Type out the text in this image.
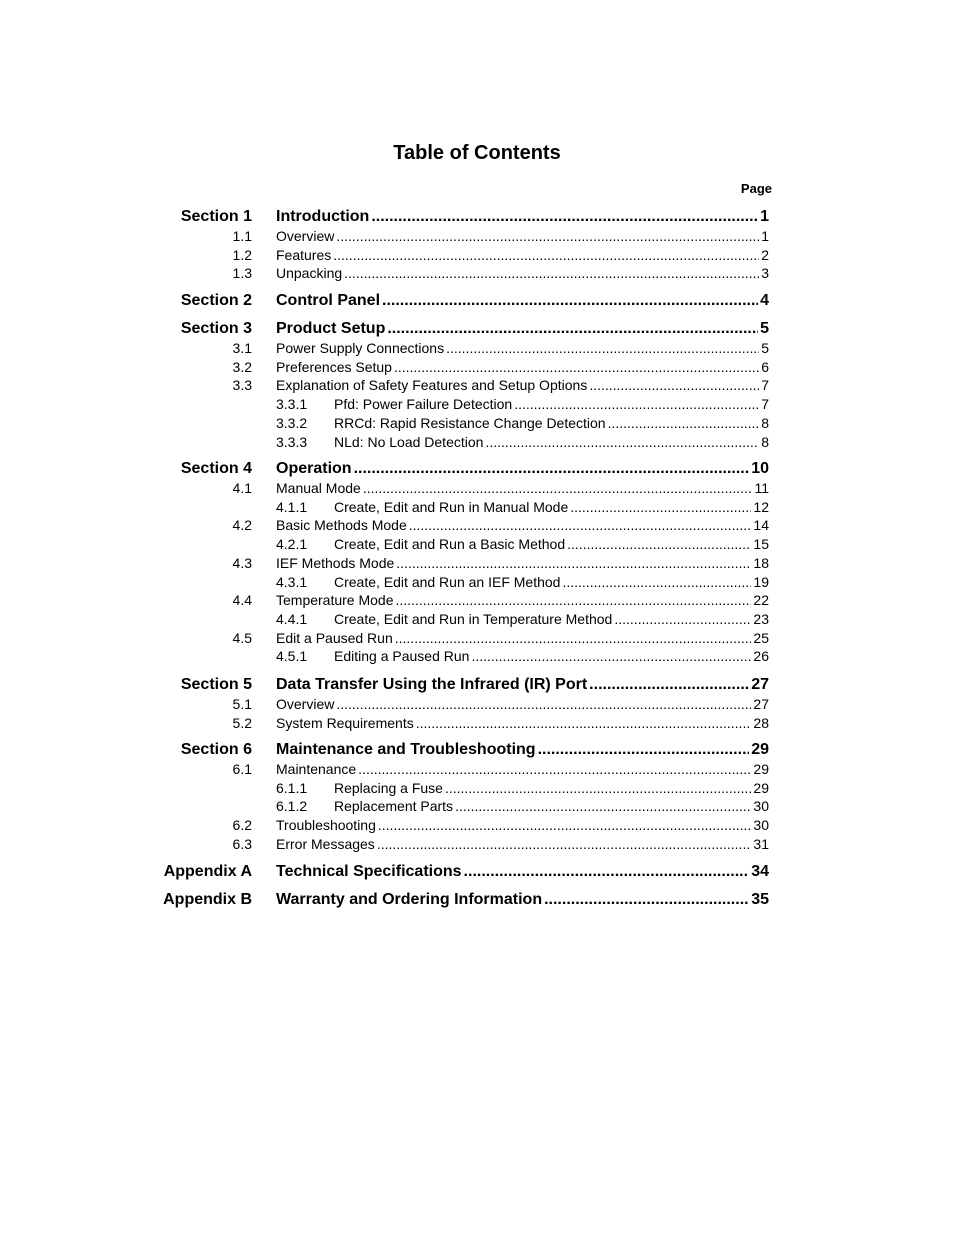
Table of Contents
Page
Section 1 Introduction .....	1
1.1 Overview .....	1
1.2 Features .....	2
1.3 Unpacking .....	3
Section 2 Control Panel .....	4
Section 3 Product Setup .....	5
3.1 Power Supply Connections .....	5
3.2 Preferences Setup .....	6
3.3 Explanation of Safety Features and Setup Options .....	7
3.3.1 Pfd: Power Failure Detection .....	7
3.3.2 RRCd: Rapid Resistance Change Detection .....	8
3.3.3 NLd: No Load Detection .....	8
Section 4 Operation .....	10
4.1 Manual Mode .....	11
4.1.1 Create, Edit and Run in Manual Mode .....	12
4.2 Basic Methods Mode .....	14
4.2.1 Create, Edit and Run a Basic Method .....	15
4.3 IEF Methods Mode .....	18
4.3.1 Create, Edit and Run an IEF Method .....	19
4.4 Temperature Mode .....	22
4.4.1 Create, Edit and Run in Temperature Method .....	23
4.5 Edit a Paused Run .....	25
4.5.1 Editing a Paused Run .....	26
Section 5 Data Transfer Using the Infrared (IR) Port .....	27
5.1 Overview .....	27
5.2 System Requirements .....	28
Section 6 Maintenance and Troubleshooting .....	29
6.1 Maintenance .....	29
6.1.1 Replacing a Fuse .....	29
6.1.2 Replacement Parts .....	30
6.2 Troubleshooting .....	30
6.3 Error Messages .....	31
Appendix A Technical Specifications .....	34
Appendix B Warranty and Ordering Information .....	35
